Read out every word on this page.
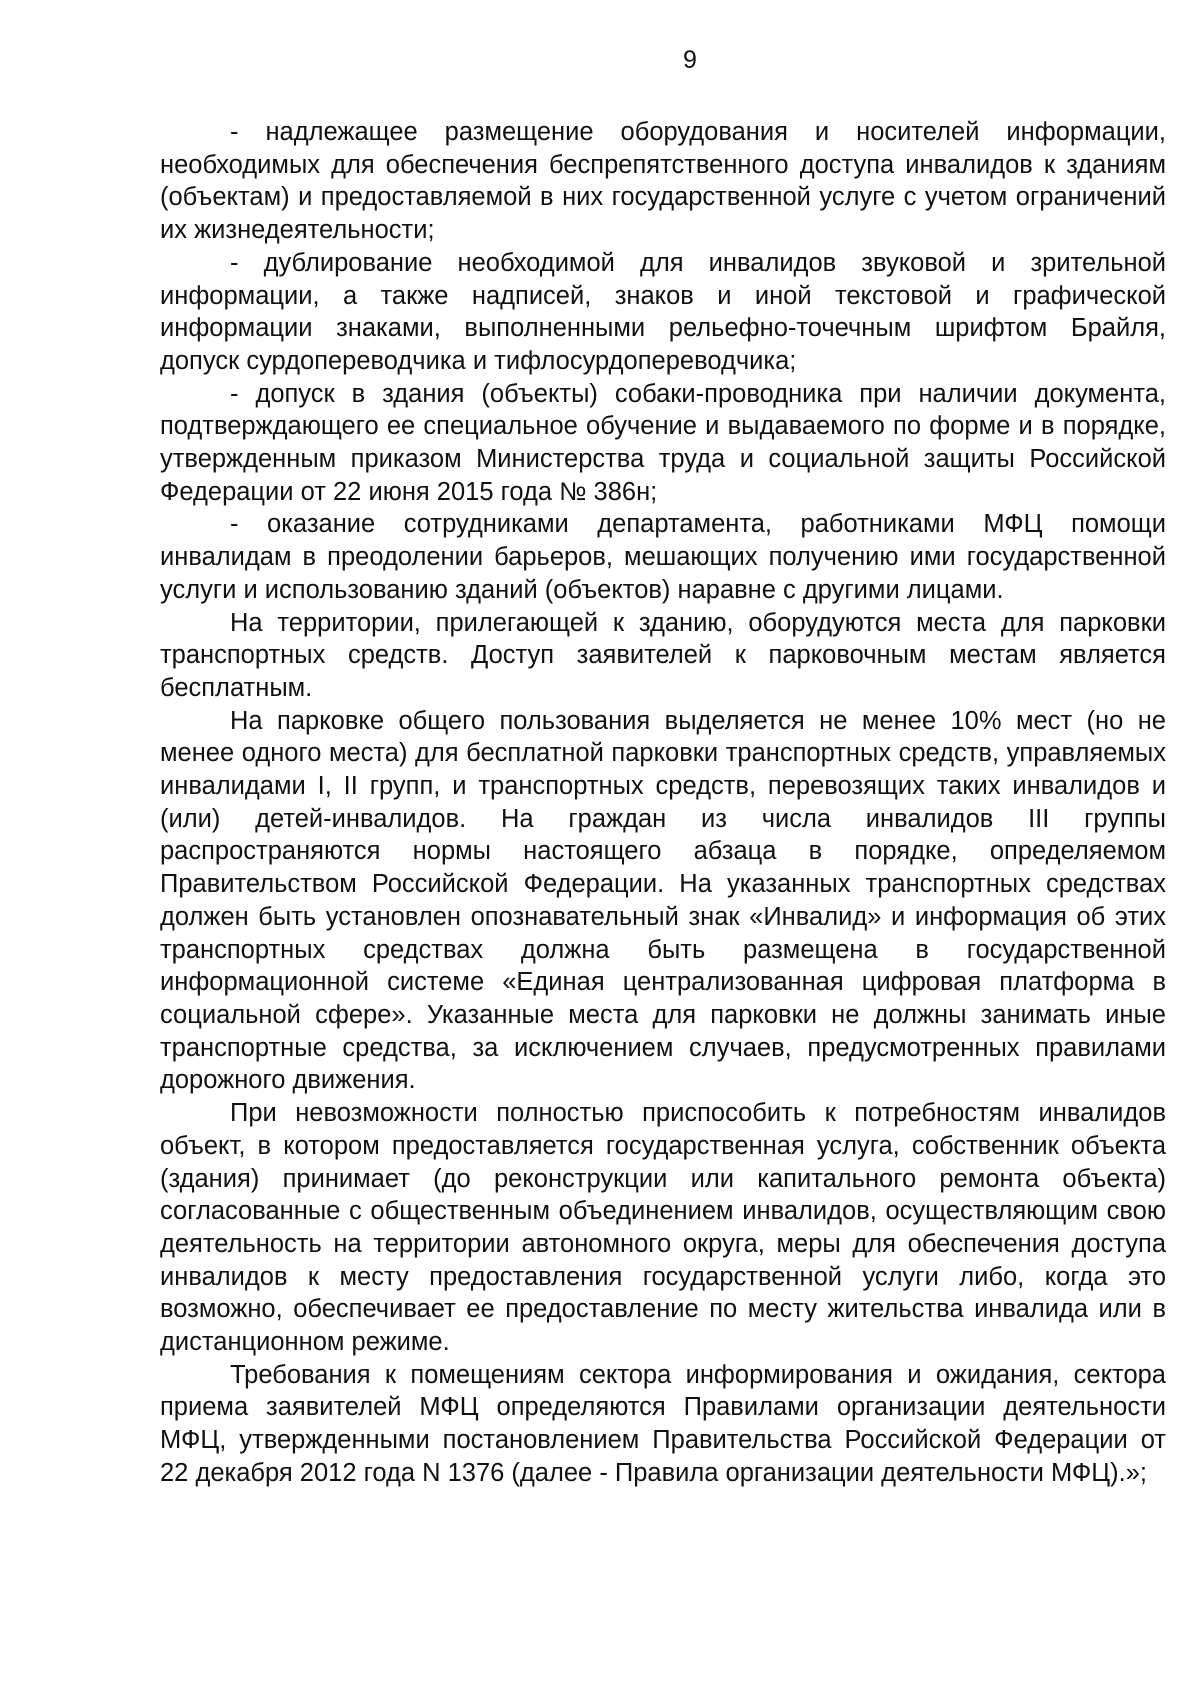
9

- надлежащее размещение оборудования и носителей информации, необходимых для обеспечения беспрепятственного доступа инвалидов к зданиям (объектам) и предоставляемой в них государственной услуге с учетом ограничений их жизнедеятельности;

- дублирование необходимой для инвалидов звуковой и зрительной информации, а также надписей, знаков и иной текстовой и графической информации знаками, выполненными рельефно-точечным шрифтом Брайля, допуск сурдопереводчика и тифлосурдопереводчика;

- допуск в здания (объекты) собаки-проводника при наличии документа, подтверждающего ее специальное обучение и выдаваемого по форме и в порядке, утвержденным приказом Министерства труда и социальной защиты Российской Федерации от 22 июня 2015 года № 386н;

- оказание сотрудниками департамента, работниками МФЦ помощи инвалидам в преодолении барьеров, мешающих получению ими государственной услуги и использованию зданий (объектов) наравне с другими лицами.

На территории, прилегающей к зданию, оборудуются места для парковки транспортных средств. Доступ заявителей к парковочным местам является бесплатным.

На парковке общего пользования выделяется не менее 10% мест (но не менее одного места) для бесплатной парковки транспортных средств, управляемых инвалидами I, II групп, и транспортных средств, перевозящих таких инвалидов и (или) детей-инвалидов. На граждан из числа инвалидов III группы распространяются нормы настоящего абзаца в порядке, определяемом Правительством Российской Федерации. На указанных транспортных средствах должен быть установлен опознавательный знак «Инвалид» и информация об этих транспортных средствах должна быть размещена в государственной информационной системе «Единая централизованная цифровая платформа в социальной сфере». Указанные места для парковки не должны занимать иные транспортные средства, за исключением случаев, предусмотренных правилами дорожного движения.

При невозможности полностью приспособить к потребностям инвалидов объект, в котором предоставляется государственная услуга, собственник объекта (здания) принимает (до реконструкции или капитального ремонта объекта) согласованные с общественным объединением инвалидов, осуществляющим свою деятельность на территории автономного округа, меры для обеспечения доступа инвалидов к месту предоставления государственной услуги либо, когда это возможно, обеспечивает ее предоставление по месту жительства инвалида или в дистанционном режиме.

Требования к помещениям сектора информирования и ожидания, сектора приема заявителей МФЦ определяются Правилами организации деятельности МФЦ, утвержденными постановлением Правительства Российской Федерации от 22 декабря 2012 года N 1376 (далее - Правила организации деятельности МФЦ).»;
